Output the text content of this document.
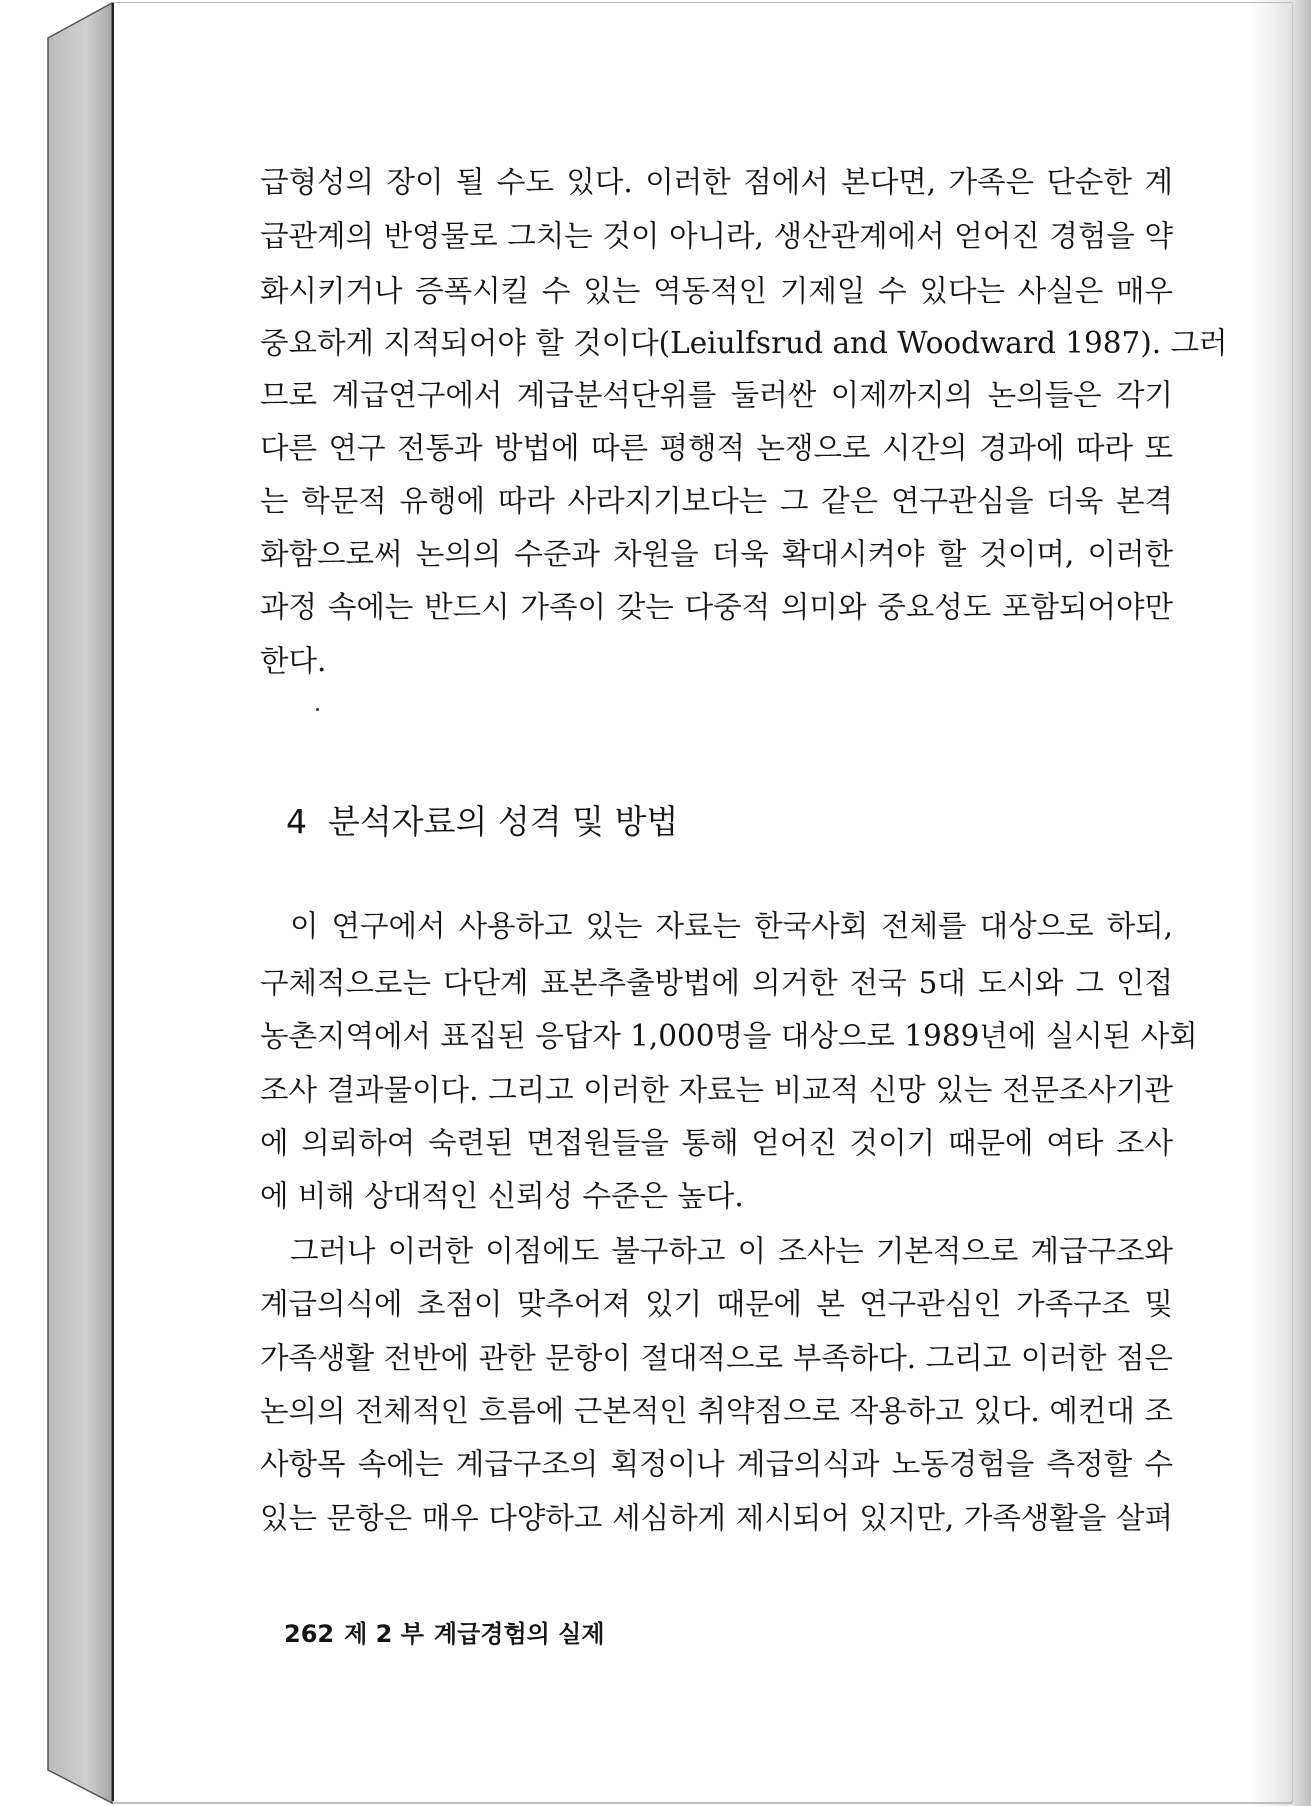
급형성의 장이 될 수도 있다. 이러한 점에서 본다면, 가족은 단순한 계
급관계의 반영물로 그치는 것이 아니라, 생산관계에서 얻어진 경험을 약
화시키거나 증폭시킬 수 있는 역동적인 기제일 수 있다는 사실은 매우
중요하게 지적되어야 할 것이다(Leiulfsrud and Woodward 1987). 그러
므로 계급연구에서 계급분석단위를 둘러싼 이제까지의 논의들은 각기
다른 연구 전통과 방법에 따른 평행적 논쟁으로 시간의 경과에 따라 또
는 학문적 유행에 따라 사라지기보다는 그 같은 연구관심을 더욱 본격
화함으로써 논의의 수준과 차원을 더욱 확대시켜야 할 것이며, 이러한
과정 속에는 반드시 가족이 갖는 다중적 의미와 중요성도 포함되어야만
한다.
4 분석자료의 성격 및 방법
이 연구에서 사용하고 있는 자료는 한국사회 전체를 대상으로 하되,
구체적으로는 다단계 표본추출방법에 의거한 전국 5대 도시와 그 인접
농촌지역에서 표집된 응답자 1,000명을 대상으로 1989년에 실시된 사회
조사 결과물이다. 그리고 이러한 자료는 비교적 신망 있는 전문조사기관
에 의뢰하여 숙련된 면접원들을 통해 얻어진 것이기 때문에 여타 조사
에 비해 상대적인 신뢰성 수준은 높다.
그러나 이러한 이점에도 불구하고 이 조사는 기본적으로 계급구조와
계급의식에 초점이 맞추어져 있기 때문에 본 연구관심인 가족구조 및
가족생활 전반에 관한 문항이 절대적으로 부족하다. 그리고 이러한 점은
논의의 전체적인 흐름에 근본적인 취약점으로 작용하고 있다. 예컨대 조
사항목 속에는 계급구조의 획정이나 계급의식과 노동경험을 측정할 수
있는 문항은 매우 다양하고 세심하게 제시되어 있지만, 가족생활을 살펴
262 제 2 부 계급경험의 실제
